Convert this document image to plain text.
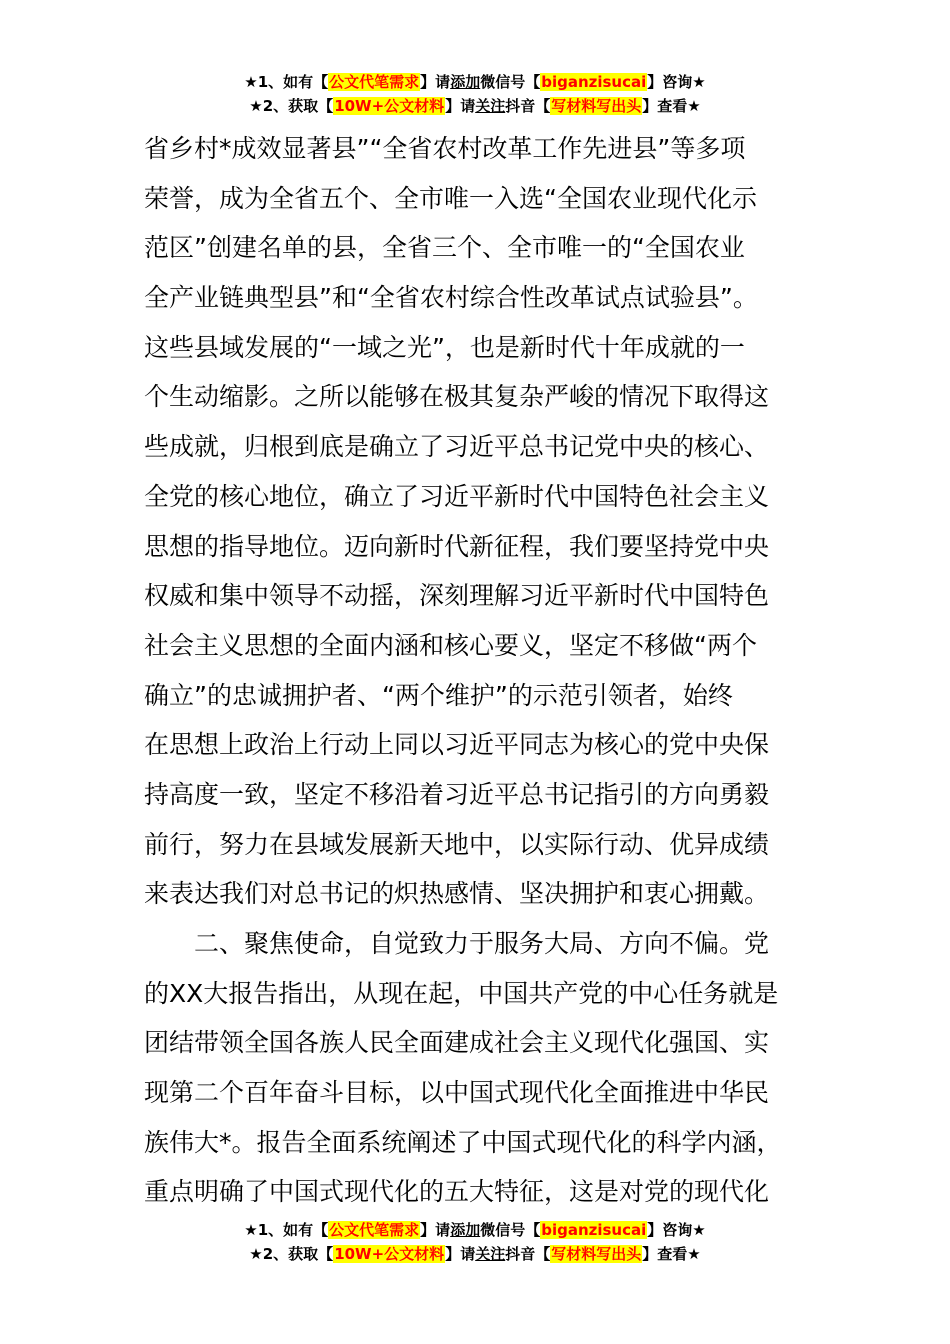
★1、如有【公文代笔需求】请添加微信号【biganzisucai】咨询★
★2、获取【10W+公文材料】请关注抖音【写材料写出头】查看★
省乡村*成效显著县”“全省农村改革工作先进县”等多项
荣誉，成为全省五个、全市唯一入选“全国农业现代化示
范区”创建名单的县，全省三个、全市唯一的“全国农业
全产业链典型县”和“全省农村综合性改革试点试验县”。
这些县域发展的“一域之光”，也是新时代十年成就的一
个生动缩影。之所以能够在极其复杂严峻的情况下取得这
些成就，归根到底是确立了习近平总书记党中央的核心、
全党的核心地位，确立了习近平新时代中国特色社会主义
思想的指导地位。迈向新时代新征程，我们要坚持党中央
权威和集中领导不动摇，深刻理解习近平新时代中国特色
社会主义思想的全面内涵和核心要义，坚定不移做“两个
确立”的忠诚拥护者、“两个维护”的示范引领者，始终
在思想上政治上行动上同以习近平同志为核心的党中央保
持高度一致，坚定不移沿着习近平总书记指引的方向勇毅
前行，努力在县域发展新天地中，以实际行动、优异成绩
来表达我们对总书记的炽热感情、坚决拥护和衷心拥戴。
二、聚焦使命，自觉致力于服务大局、方向不偏。党
的XX大报告指出，从现在起，中国共产党的中心任务就是
团结带领全国各族人民全面建成社会主义现代化强国、实
现第二个百年奋斗目标，以中国式现代化全面推进中华民
族伟大*。报告全面系统阐述了中国式现代化的科学内涵，
重点明确了中国式现代化的五大特征，这是对党的现代化
★1、如有【公文代笔需求】请添加微信号【biganzisucai】咨询★
★2、获取【10W+公文材料】请关注抖音【写材料写出头】查看★
